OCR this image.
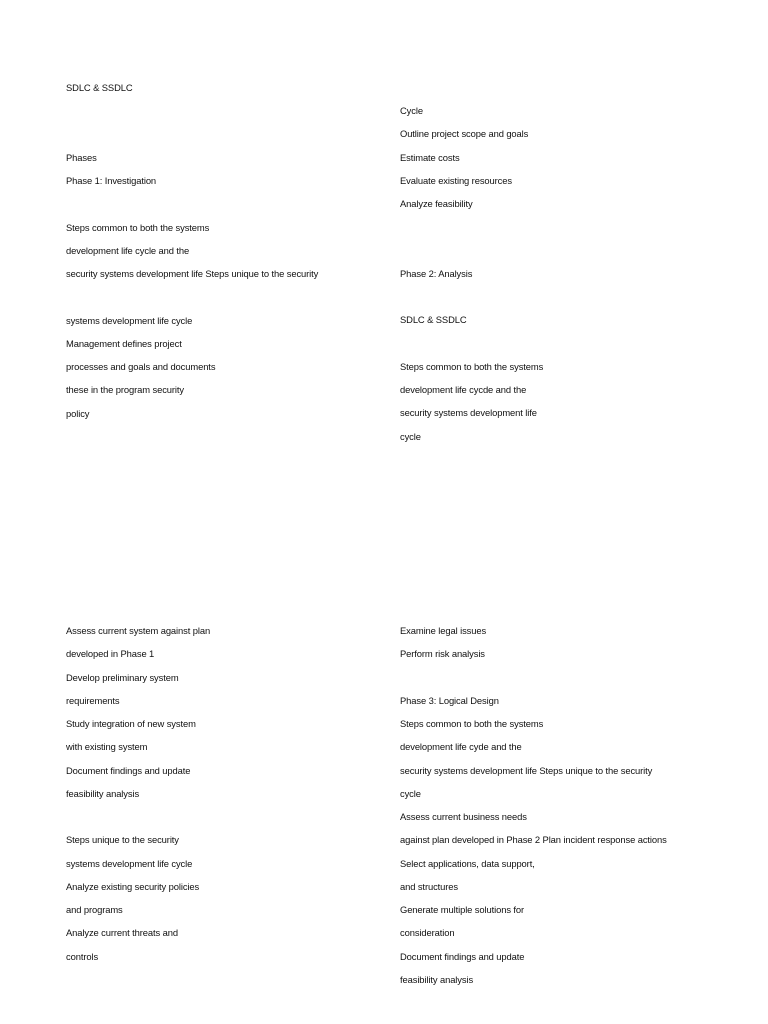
SDLC & SSDLC
Phases
Phase 1: Investigation
Steps common to both the systems
development life cycle and the
security systems development life Steps unique to the security
systems development life cycle
Management defines project
processes and goals and documents
these in the program security
policy
Cycle
Outline project scope and goals
Estimate costs
Evaluate existing resources
Analyze feasibility
Phase 2: Analysis
SDLC & SSDLC
Steps common to both the systems
development life cycde and the
security systems development life
cycle
Assess current system against plan
developed in Phase 1
Develop preliminary system
requirements
Study integration of new system
with existing system
Document findings and update
feasibility analysis
Steps unique to the security
systems development life cycle
Analyze existing security policies
and programs
Analyze current threats and
controls
Examine legal issues
Perform risk analysis
Phase 3: Logical Design
Steps common to both the systems
development life cyde and the
security systems development life Steps unique to the security
cycle
Assess current business needs
against plan developed in Phase 2 Plan incident response actions
Select applications, data support,
and structures
Generate multiple solutions for
consideration
Document findings and update
feasibility analysis
